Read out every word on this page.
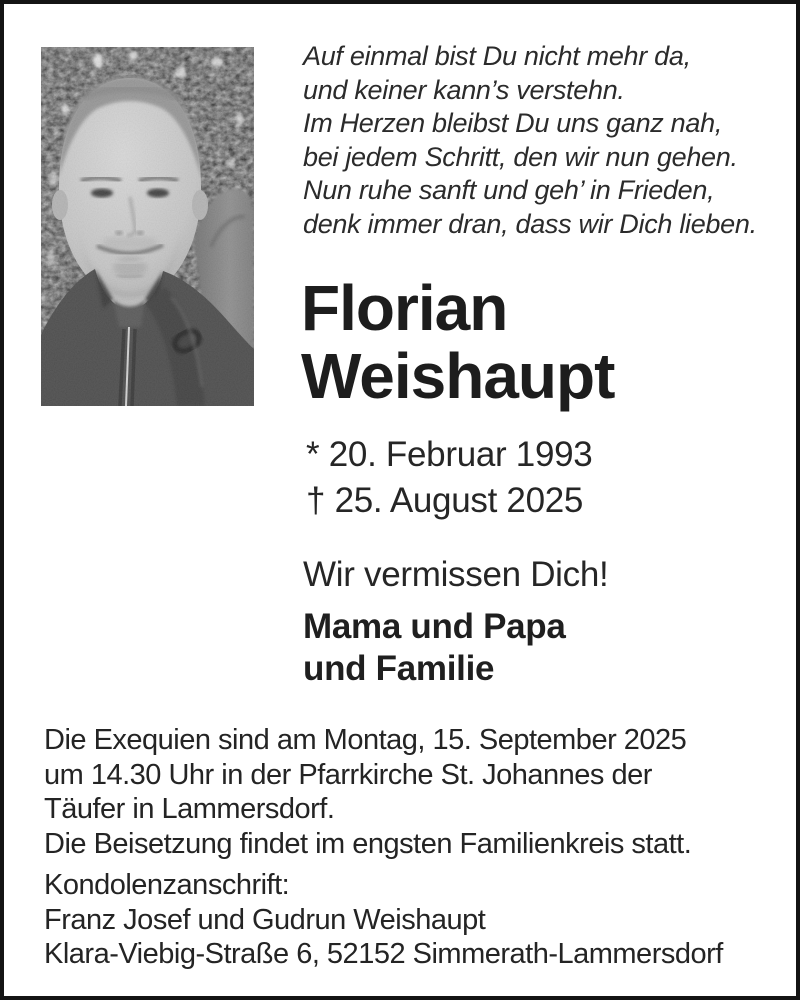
Auf einmal bist Du nicht mehr da,
und keiner kann’s verstehn.
Im Herzen bleibst Du uns ganz nah,
bei jedem Schritt, den wir nun gehen.
Nun ruhe sanft und geh’ in Frieden,
denk immer dran, dass wir Dich lieben.
Florian
Weishaupt
* 20. Februar 1993
† 25. August 2025
Wir vermissen Dich!
Mama und Papa
und Familie
Die Exequien sind am Montag, 15. September 2025
um 14.30 Uhr in der Pfarrkirche St. Johannes der
Täufer in Lammersdorf.
Die Beisetzung findet im engsten Familienkreis statt.
Kondolenzanschrift:
Franz Josef und Gudrun Weishaupt
Klara-Viebig-Straße 6, 52152 Simmerath-Lammersdorf
